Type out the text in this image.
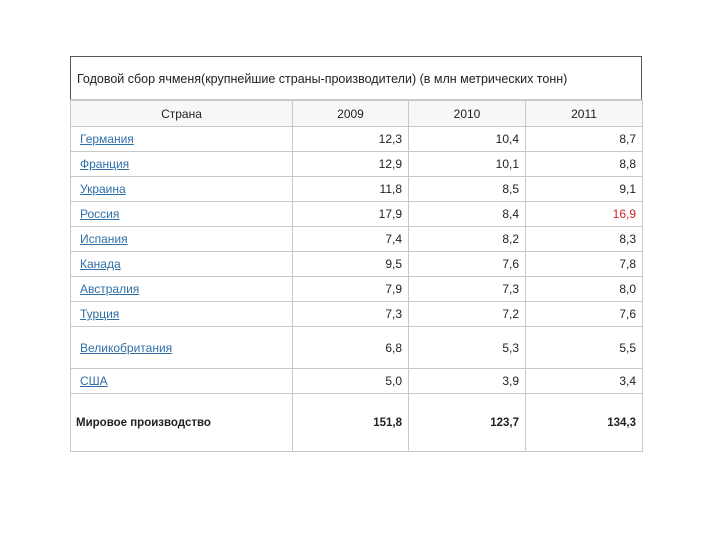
Годовой сбор ячменя(крупнейшие страны-производители) (в млн метрических тонн)
Страна	2009	2010	2011
Германия	12,3	10,4	8,7
Франция	12,9	10,1	8,8
Украина	11,8	8,5	9,1
Россия	17,9	8,4	16,9
Испания	7,4	8,2	8,3
Канада	9,5	7,6	7,8
Австралия	7,9	7,3	8,0
Турция	7,3	7,2	7,6
Великобритания	6,8	5,3	5,5
США	5,0	3,9	3,4
Мировое производство	151,8	123,7	134,3
